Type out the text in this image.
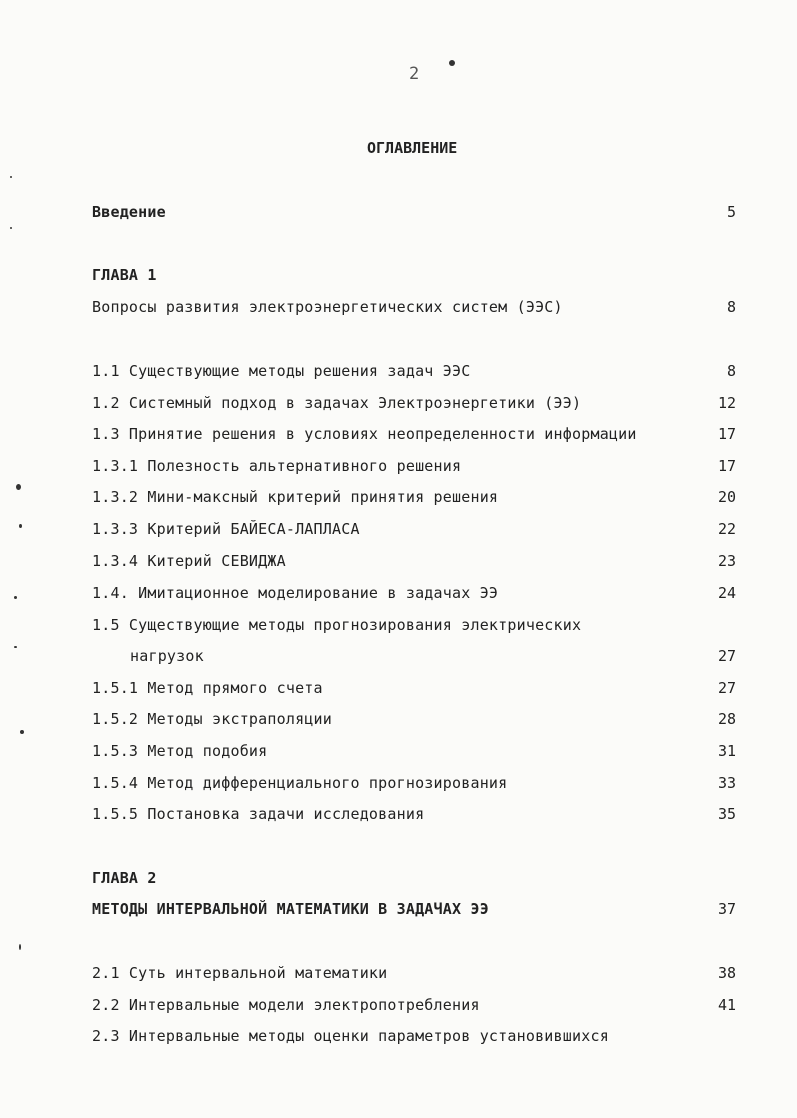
2
ОГЛАВЛЕНИЕ
Введение	5
ГЛАВА 1
Вопросы развития электроэнергетических систем (ЭЭС)	8
1.1 Существующие методы решения задач ЭЭС	8
1.2 Системный подход в задачах Электроэнергетики (ЭЭ)	12
1.3 Принятие решения в условиях неопределенности информации	17
1.3.1 Полезность альтернативного решения	17
1.3.2 Мини-максный критерий принятия решения	20
1.3.3 Критерий БАЙЕСА-ЛАПЛАСА	22
1.3.4 Китерий СЕВИДЖА	23
1.4. Имитационное моделирование в задачах ЭЭ	24
1.5 Существующие методы прогнозирования электрических
нагрузок	27
1.5.1 Метод прямого счета	27
1.5.2 Методы экстраполяции	28
1.5.3 Метод подобия	31
1.5.4 Метод дифференциального прогнозирования	33
1.5.5 Постановка задачи исследования	35
ГЛАВА 2
МЕТОДЫ ИНТЕРВАЛЬНОЙ МАТЕМАТИКИ В ЗАДАЧАХ ЭЭ	37
2.1 Суть интервальной математики	38
2.2 Интервальные модели электропотребления	41
2.3 Интервальные методы оценки параметров установившихся
